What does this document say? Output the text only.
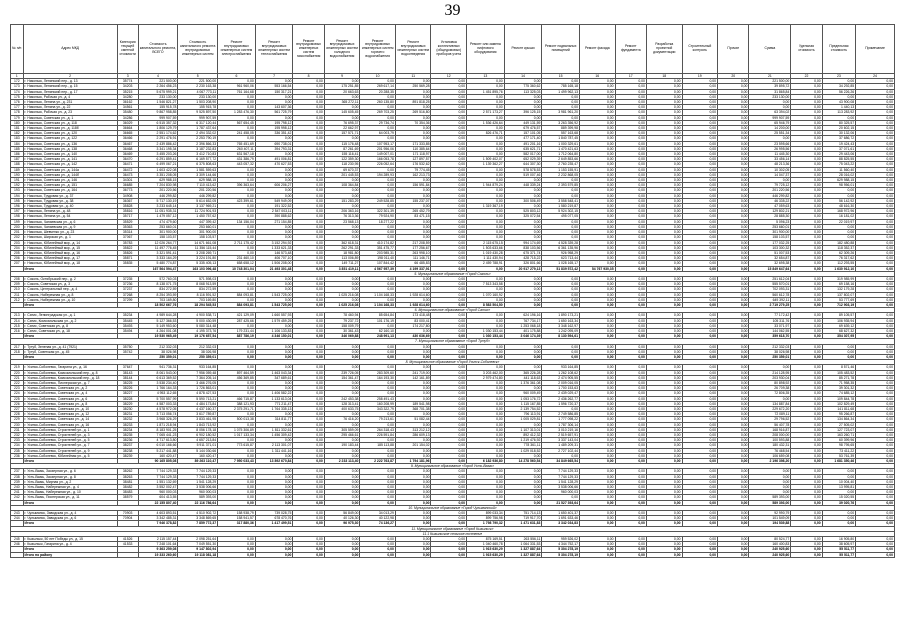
39
№ п/п	Адрес МКД	Категория текущей сметной стоимости	Стоимость капитального ремонта, ВСЕГО	Стоимость капитального ремонта внутридомовых инженерных систем	Ремонт внутридомовых инженерных систем электроснабжения	Ремонт внутридомовых инженерных систем теплоснабжения	Ремонт внутридомовых инженерных систем газоснабжения	Ремонт внутридомовых инженерных систем холодного водоснабжения	Ремонт внутридомовых инженерных систем горячего водоснабжения	Ремонт внутридомовых инженерных систем водоотведения	Установка коллективных (общедомовых) приборов учета	Ремонт или замена лифтового оборудования	Ремонт крыши	Ремонт подвальных помещений	Ремонт фасада	Ремонт фундамента	Разработка проектной документации	Строительный контроль	Прочие	Сумма	Удельная стоимость	Предельная стоимость	Примечание
1	2	3	4	5	6	7	8	9	10	11	12	13	14	15	16	17	18	19	20	21	22	23	24
172	г. Никольск, Ленинский пер., д. 13	35774	221 500,00	221 500,00	0,00	0,00	0,00	0,00	0,00	0,00	0,00	0,00	0,00	0,00	0,00	0,00	0,00	0,00	0,00	221 500,00	0,00	0,00	0,00
173	г. Никольск, Ленинский пер., д. 15	34203	2 264 456,23	2 230 163,38	961 960,06	553 166,54	0,00	175 251,85	269 617,14	250 569,28	0,00	0,00	775 360,62	785 165,18	0,00	0,00	0,00	0,00	0,00	39 895,72	0,00	34 292,85	0,00
174	г. Никольск, Ленинский пер., д. 17	35215	5 675 999,21	4 067 773,11	761 164,68	150 317,21	0,00	20 663,63	20 288,35	0,00	0,00	1 451 895,76	113 325,03	1 499 962,13	0,00	0,00	0,00	0,00	0,00	31 865,84	0,00	56 226,26	0,00
175	г. Никольск, Рабочая ул., д. 4	34280	233 130,00	233 130,00	0,00	0,00	0,00	0,00	0,00	0,00	0,00	0,00	0,00	0,00	0,00	0,00	0,00	0,00	0,00	233 130,00	0,00	0,00	0,00
176	г. Никольск, Ленина ул., д. 231	36162	1 546 821,27	1 503 208,90	0,00	0,00	0,00	365 272,11	260 135,80	891 818,25	0,00	0,00	0,00	0,00	0,00	0,00	0,00	0,00	0,00	0,00	0,00	43 900,08	0,00
177	г. Никольск, Ленина ул., д. 22	34561	155 915,78	155 915,78	0,00	143 607,36	0,00	0,00	0,00	0,00	0,00	0,00	0,00	0,00	0,00	0,00	0,00	0,00	0,00	0,00	0,00	1 440,13	0,00
178	г. Никольск, Рабочая ул., д. 23	35480	9 867 958,85	9 525 897,50	1 283 476,30	561 725,79	0,00	145 605,45	269 703,25	269 516,80	0,00	2 571 173,27	396 125,15	3 981 961,20	0,00	0,00	0,00	0,00	0,00	63 394,02	0,00	113 283,92	0,00
179	г. Никольск, Советская ул., д. 1	34286	999 907,59	999 907,59	0,00	0,00	0,00	0,00	0,00	0,00	0,00	0,00	0,00	0,00	0,00	0,00	0,00	0,00	0,00	999 907,59	0,00	0,00	0,00
180	г. Никольск, Советская ул., д. 118	36029	6 515 357,32	6 317 120,44	567 654,45	195 798,12	0,00	76 695,37	29 736,74	70 354,36	0,00	1 536 426,64	449 131,59	3 263 356,92	0,00	0,00	0,00	0,00	0,00	65 946,79	0,00	80 325,57	0,00
181	г. Никольск, Советская ул., д. 118б	36664	1 806 129,79	1 787 437,64	0,00	195 998,12	0,00	22 662,97	0,00	0,00	0,00	0,00	679 476,57	889 399,98	0,00	0,00	0,00	0,00	0,00	14 200,00	0,00	20 602,15	0,00
182	г. Никольск, Советская ул., д. 120	36665	2 551 174,62	2 494 332,02	241 458,05	336 351,42	0,00	157 571,71	64 003,79	0,00	0,00	826 476,71	157 101,05	557 163,68	0,00	0,00	0,00	0,00	0,00	25 551,34	0,00	30 132,06	0,00
183	г. Никольск, Советская ул., д. 122	36466	2 291 476,91	2 253 790,19	0,00	0,00	0,00	0,00	0,00	0,00	0,00	0,00	477 171,40	1 840 787,45	0,00	0,00	0,00	0,00	0,00	0,00	0,00	37 686,72	0,00
184	г. Никольск, Советская ул., д. 136	36467	2 439 886,42	2 396 866,33	765 451,69	690 738,01	0,00	115 176,48	107 953,17	171 333,85	0,00	0,00	491 201,16	1 000 329,61	0,00	0,00	0,00	0,00	0,00	23 595,66	0,00	19 424,43	0,00
185	г. Никольск, Советская ул., д. 138	36468	3 341 195,34	3 187 232,83	260 407,11	394 793,31	0,00	87 261,69	201 956,06	110 385,64	0,00	0,00	635 621,71	1 470 421,63	0,00	0,00	0,00	0,00	0,00	26 995,56	0,00	37 071,61	0,00
186	г. Никольск, Советская ул., д. 140	36469	3 455 203,26	3 412 710,83	631 567,18	0,00	0,00	155 116,41	149 007,01	171 118,97	0,00	0,00	582 017,00	1 712 064,80	0,00	0,00	0,00	0,00	0,00	11 445,30	0,00	29 443,06	0,00
187	г. Никольск, Советская ул., д. 141	36470	6 291 859,41	6 169 577,72	431 386,79	491 006,81	0,00	122 359,30	166 053,78	127 897,57	0,00	1 509 402,07	652 029,39	2 649 853,66	0,00	0,00	0,00	0,00	0,00	33 456,14	0,00	88 825,55	0,00
188	г. Никольск, Советская ул., д. 142	36471	6 499 067,21	6 375 808,63	443 057,32	470 627,53	0,00	118 230,95	226 052,64	176 532,62	0,00	1 139 362,27	644 307,30	2 760 235,47	0,00	0,00	0,00	0,00	0,00	48 213,36	0,00	75 043,22	0,00
189	г. Никольск, Советская ул., д. 144а	36472	1 603 422,08	1 581 559,63	0,00	0,00	0,00	69 670,37	0,00	79 774,45	0,00	0,00	578 578,53	1 153 155,91	0,00	0,00	0,00	0,00	0,00	10 302,05	0,00	11 560,40	0,00
190	г. Никольск, Советская ул., д. 144б	36473	3 351 208,05	3 309 144,66	0,00	0,00	0,00	201 445,53	194 289,93	162 213,73	0,00	0,00	519 007,46	2 232 868,05	0,00	0,00	0,00	0,00	0,00	14 047,37	0,00	28 016,02	0,00
191	г. Никольск, Советская ул., д. 146	34301	629 988,15	629 988,15	0,00	0,00	0,00	0,00	0,00	0,00	0,00	0,00	0,00	0,00	0,00	0,00	0,00	0,00	0,00	0,00	0,00	629 988,15	0,00
192	г. Никольск, Советская ул., д. 151	36685	7 204 830,98	7 110 413,62	396 363,64	606 206,27	0,00	108 364,84	0,00	156 591,84	0,00	1 944 879,24	448 339,24	2 393 579,85	0,00	0,00	0,00	0,00	0,00	79 725,12	0,00	98 956,01	0,00
193	г. Никольск, Советская ул., д. 164	36773	201 220,56	201 220,56	0,00	0,00	0,00	0,00	0,00	0,00	0,00	0,00	0,00	0,00	0,00	0,00	0,00	0,00	0,00	201 220,56	0,00	0,00	0,00
194	г. Никольск, Трудовая ул., д. 37	34908	446 299,82	446 299,82	0,00	0,00	0,00	0,00	0,00	0,00	0,00	0,00	0,00	0,00	0,00	0,00	0,00	0,00	0,00	446 299,82	0,00	0,00	0,00
195	г. Никольск, Трудовая ул., д. 38	36367	5 717 130,19	5 614 652,05	423 399,61	549 949,09	0,00	151 283,29	249 528,85	155 237,07	0,00	0,00	300 506,49	3 558 548,41	0,00	0,00	0,00	0,00	0,00	46 335,22	0,00	56 142,92	0,00
196	г. Никольск, Трудовая ул., д. 40	35828	3 233 645,14	3 137 969,21	0,00	191 322,52	0,00	0,00	0,00	0,00	0,00	1 319 367,19	0,00	1 580 219,87	0,00	0,00	0,00	0,00	0,00	47 059,63	0,00	48 616,30	0,00
197	г. Никольск, Ленина ул., д. 48	35816	11 051 935,31	11 724 901,93	0,00	2 547 003,11	0,00	206 363,16	322 301,39	265 452,79	0,00	0,00	525 803,12	5 924 302,15	0,00	0,00	0,00	0,00	0,00	129 802,21	0,00	168 972,96	0,00
198	г. Никольск, Ленина ул., д. 54	35717	1 479 057,12	1 450 757,62	0,00	390 888,62	0,00	76 313,36	79 924,90	83 471,15	0,00	0,00	325 072,54	495 077,05	0,00	0,00	0,00	0,00	0,00	28 885,30	0,00	16 181,02	0,00
199	г. Никольск, Чапаевская ул., д. 6	35529	474 479,60	447 399,42	134 156,04	271 154,85	0,00	23 568,13	18 277,22	0,00	0,00	0,00	0,00	0,00	0,00	0,00	0,00	0,00	0,00	5 096,23	0,00	22 019,97	0,00
200	г. Никольск, Чапаевская ул., д. 9	35363	253 660,01	253 660,01	0,00	0,00	0,00	0,00	0,00	0,00	0,00	0,00	0,00	0,00	0,00	0,00	0,00	0,00	0,00	253 660,01	0,00	0,00	0,00
201	г. Никольск, Шевченко ул., д. 23	35314	301 900,00	301 900,00	0,00	0,00	0,00	0,00	0,00	0,00	0,00	0,00	0,00	0,00	0,00	0,00	0,00	0,00	0,00	301 900,00	0,00	0,00	0,00
202	г. Никольск, Широкая ул., д. 1	37067	158 103,57	158 103,57	0,00	0,00	0,00	0,00	0,00	0,00	0,00	0,00	0,00	0,00	0,00	0,00	0,00	0,00	0,00	158 103,57	0,00	0,00	0,00
203	г. Никольск, Юбилейный мкр., д. 14	35783	12 026 264,77	14 671 661,08	2 711 175,42	3 152 294,92	0,00	362 618,31	410 174,82	217 208,59	0,00	2 115 675,15	994 174,69	4 528 339,28	0,00	0,00	0,00	0,00	0,00	177 032,25	0,00	182 480,88	0,00
204	г. Никольск, Юбилейный мкр., д. 15	35822	11 497 776,45	11 356 115,44	0,00	1 333 621,33	0,00	262 291,33	351 475,77	177 256,67	0,00	1 503 633,66	838 103,56	6 361 135,96	0,00	0,00	0,00	0,00	0,00	103 300,32	0,00	118 352,37	0,00
205	г. Никольск, Юбилейный мкр., д. 16	35826	3 321 591,41	3 208 269,71	0,00	146 573,48	0,00	18 981,80	203 985,31	263 998,10	0,00	1 019 430,28	675 371,74	926 958,29	0,00	0,00	0,00	0,00	0,00	51 007,53	0,00	62 309,26	0,00
206	г. Никольск, Юбилейный мкр., д. 17	35871	3 333 164,29	3 224 191,80	231 460,10	406 707,10	0,00	113 006,89	198 011,40	111 146,71	0,00	1 111 430,94	428 715,22	623 713,44	0,00	0,00	0,00	0,00	0,00	32 654,87	0,00	76 317,62	0,00
207	г. Никольск, Юбилейный мкр., д. 18	35835	5 480 774,87	5 335 405,13	658 658,12	1 506 208,00	0,00	149 711,27	107 844,42	66 485,83	0,00	2 459 788,91	326 801,66	1 028 165,17	0,00	0,00	0,00	0,00	0,00	32 695,38	0,00	112 293,55	0,00
	Итого		167 564 594,47	163 103 096,48	10 748 301,04	21 493 301,48	0,00	3 851 419,11	4 567 957,39	4 199 337,91	0,00	0,00	20 917 279,13	51 839 572,42	54 767 930,35	0,00	0,00	0,00	0,00	15 849 647,64	0,00	1 630 912,10	0,00
5. Муниципальное образование «Город Соколь»																							
208	г. Соколь, Октябрьский пер., д. 2	37235	572 760,03	571 598,03	0,00	0,00	0,00	0,00	0,00	0,00	0,00	0,00	0,00	0,00	0,00	0,00	0,00	0,00	0,00	251 612,04	0,00	319 985,99	0,00
209	г. Соколь, Советская ул., д. 3	37236	8 138 071,75	8 068 913,59	0,00	0,00	0,00	0,00	0,00	0,00	0,00	7 513 343,58	0,00	0,00	0,00	0,00	0,00	0,00	0,00	555 570,01	0,00	69 158,16	0,00
210	г. Соколь, Центральный пер., д. 4	37237	834 272,59	834 272,59	0,00	0,00	0,00	0,00	0,00	0,00	0,00	0,00	0,00	0,00	0,00	0,00	0,00	0,00	0,00	702 093,31	0,00	132 179,28	0,00
211	г. Соколь, Набережная ул., д. 8	37268	8 254 393,59	8 116 591,52	884 093,81	1 543 725,00	0,00	1 025 216,08	1 104 168,33	1 928 614,60	0,00	1 070 160,92	0,00	0,00	0,00	0,00	0,00	0,00	0,00	560 612,78	0,00	137 802,07	0,00
212	г. Соколь, Набережная ул., д. 10	37299	703 169,80	703 169,80	0,00	0,00	0,00	0,00	0,00	0,00	0,00	0,00	0,00	0,00	0,00	0,00	0,00	0,00	0,00	649 392,11	0,00	53 777,69	0,00
	Итого		18 502 667,76	18 294 545,53	884 093,81	1 543 725,00	0,00	1 025 216,08	1 104 168,33	1 928 614,60	0,00	8 583 504,50	0,00	0,00	0,00	0,00	0,00	0,00	0,00	2 719 279,25	0,00	712 903,19	0,00
6. Муниципальное образование «Город Сатис»																							
213	г. Сатис, Ленинградская ул., д. 1	35234	4 989 644,28	4 900 538,71	421 129,09	1 660 557,93	0,00	78 460,94	85 654,84	173 418,48	0,00	0,00	624 196,16	1 890 173,21	0,00	0,00	0,00	0,00	0,00	77 172,42	0,00	89 105,57	0,00
214	г. Сатис, Комсомольская ул., д. 2	35445	5 127 366,53	5 000 430,59	287 425,66	1 579 459,25	0,00	79 237,72	101 176,19	83 000,41	0,00	0,00	767 734,17	1 650 163,34	0,00	0,00	0,00	0,00	0,00	105 311,76	0,00	106 935,94	0,00
215	г. Сатис, Советская ул., д. 8	35493	5 149 953,60	5 080 314,48	0,00	0,00	0,00	158 009,79	0,00	174 217,80	0,00	0,00	1 253 068,18	3 348 162,97	0,00	0,00	0,00	0,00	0,00	33 071,97	0,00	69 639,12	0,00
216	г. Сатис, Советская ул., д. 18	35494	4 264 001,08	4 195 373,76	179 231,44	1 106 133,83	0,00	30 361,43	62 160,10	0,00	0,00	1 030 153,44	401 175,88	1 242 095,09	0,00	0,00	0,00	0,00	0,00	144 062,55	0,00	68 627,32	0,00
	Итого		19 530 965,49	19 176 657,54	887 786,19	4 346 150,01	0,00	346 069,88	248 991,13	430 636,69	0,00	1 030 153,44	3 046 174,39	8 130 594,61	0,00	0,00	0,00	0,00	0,00	359 618,70	0,00	354 307,95	0,00
7. Муниципальное образование «Город Тутуб»																							
217	г. Тутуб, Зеленая ул., д. 41 (7921)	35750	212 332,03	212 332,03	0,00	0,00	0,00	0,00	0,00	0,00	0,00	0,00	0,00	0,00	0,00	0,00	0,00	0,00	0,00	212 332,03	0,00	0,00	0,00
218	г. Тутуб, Советская ул., д. 45	35742	38 026,98	38 026,98	0,00	0,00	0,00	0,00	0,00	0,00	0,00	0,00	0,00	0,00	0,00	0,00	0,00	0,00	0,00	38 026,98	0,00	0,00	0,00
	Итого		250 359,01	250 359,01	0,00	0,00	0,00	0,00	0,00	0,00	0,00	0,00	0,00	0,00	0,00	0,00	0,00	0,00	0,00	250 359,01	0,00	0,00	0,00
8. Муниципальное образование «Город Усинск-Соболевск»																							
219	г. Усинск-Соболевск, Гагарина ул., д. 16	37647	941 736,31	933 164,85	0,00	0,00	0,00	0,00	0,00	0,00	0,00	0,00	0,00	933 164,85	0,00	0,00	0,00	0,00	0,00	0,00	0,00	8 571,46	0,00
220	г. Усинск-Соболевск, Комсомольский пер., д. 8	38143	8 061 543,00	7 956 059,48	897 464,59	1 463 043,34	0,00	239 726,05	283 309,60	241 719,00	0,00	3 203 462,00	365 226,28	1 262 108,62	0,00	0,00	0,00	0,00	0,00	214 128,95	0,00	105 483,52	0,00
221	г. Усинск-Соболевск, Комсомольский пер., д. 18	38144	6 613 369,52	7 364 205,14	456 369,85	347 689,61	0,00	154 361,47	164 193,30	142 161,89	0,00	2 979 474,80	441 118,63	2 474 905,55	0,00	0,00	0,00	0,00	0,00	203 930,04	0,00	85 271,78	0,00
222	г. Усинск-Соболевск, Пионерская ул., д. 7	38225	3 538 234,40	3 466 276,05	0,00	0,00	0,00	0,00	0,00	0,00	0,00	0,00	1 376 361,08	2 009 016,05	0,00	0,00	0,00	0,00	0,00	80 898,92	0,00	71 958,35	0,00
223	г. Усинск-Соболевск, Советская ул., д. 2	38226	1 766 164,33	1 726 863,01	0,00	0,00	0,00	0,00	0,00	0,00	0,00	0,00	0,00	1 700 153,63	0,00	0,00	0,00	0,00	0,00	26 709,38	0,00	39 301,32	0,00
224	г. Усинск-Соболевск, Советская ул., д. 4	38227	4 953 112,65	4 878 427,53	0,00	1 406 582,22	0,00	0,00	0,00	0,00	0,00	0,00	960 009,49	2 439 029,47	0,00	0,00	0,00	0,00	0,00	72 806,35	0,00	74 685,12	0,00
225	г. Усинск-Соболевск, Советская ул., д. 6	38228	5 700 557,99	5 590 713,21	466 715,87	1 133 613,04	0,00	242 453,38	258 491,43	0,00	0,00	0,00	1 053 176,72	2 436 262,77	0,00	0,00	0,00	0,00	0,00	0,00	0,00	109 844,78	0,00
226	г. Усинск-Соболевск, Советская ул., д. 8	38229	4 587 003,33	4 484 173,84	388 121,93	771 211,47	0,00	128 313,41	160 208,99	189 541,98	0,00	0,00	1 115 167,85	1 596 720,37	0,00	0,00	0,00	0,00	0,00	134 887,84	0,00	102 829,49	0,00
227	г. Усинск-Соболевск, Советская ул., д. 10	38230	4 578 972,05	4 437 160,37	2 375 291,71	1 764 335,13	0,00	400 633,75	343 322,79	368 701,38	0,00	0,00	2 139 754,52	0,00	0,00	0,00	0,00	0,00	0,00	229 672,20	0,00	141 811,68	0,00
228	г. Усинск-Соболевск, Советская ул., д. 12	38231	3 713 056,74	3 617 789,87	0,00	0,00	0,00	0,00	0,00	0,00	0,00	0,00	796 113,91	2 749 586,85	0,00	0,00	0,00	0,00	0,00	72 089,11	0,00	95 266,87	0,00
229	г. Усинск-Соболевск, Советская ул., д. 14	38232	3 968 326,29	3 833 461,95	500 013,38	314 811,77	0,00	76 416,20	79 213,61	51 082,44	0,00	0,00	1 005 029,81	1 777 098,22	0,00	0,00	0,00	0,00	0,00	29 796,52	0,00	134 864,34	0,00
230	г. Усинск-Соболевск, Советская ул., д. 16	38233	1 871 218,94	1 843 713,92	0,00	0,00	0,00	0,00	0,00	0,00	0,00	0,00	0,00	1 787 306,14	0,00	0,00	0,00	0,00	0,00	56 407,78	0,00	27 505,02	0,00
231	г. Усинск-Соболевск, Строителей ул., д. 1	38234	8 183 901,25	8 056 178,18	1 075 306,89	1 811 332,61	0,00	305 559,09	264 318,43	313 212,12	0,00	0,00	1 107 313,01	3 010 219,16	0,00	0,00	0,00	0,00	0,00	168 916,87	0,00	127 723,07	0,00
232	г. Усинск-Соболевск, Строителей ул., д. 3	38235	7 065 441,23	6 902 180,52	1 017 133,34	1 456 309,42	0,00	295 466,61	226 591,84	286 609,13	0,00	0,00	892 412,32	2 519 657,91	0,00	0,00	0,00	0,00	0,00	208 000,00	0,00	163 260,71	0,00
233	г. Усинск-Соболевск, Строителей ул., д. 5	38236	4 717 613,80	4 657 213,84	0,00	0,00	0,00	0,00	0,00	0,00	0,00	0,00	1 219 476,92	3 337 143,04	0,00	0,00	0,00	0,00	0,00	100 593,88	0,00	60 399,96	0,00
234	г. Усинск-Соболевск, Строителей ул., д. 7	38237	6 010 166,66	5 911 371,01	773 615,87	2 113 301,07	0,00	190 183,44	185 113,88	201 154,02	0,00	0,00	778 361,11	1 489 209,31	0,00	0,00	0,00	0,00	0,00	180 432,31	0,00	98 795,65	0,00
235	г. Усинск-Соболевск, Строителей ул., д. 9	38238	5 217 441,88	5 144 030,66	0,00	1 311 441,16	0,00	0,00	0,00	0,00	0,00	0,00	1 029 018,52	2 727 102,44	0,00	0,00	0,00	0,00	0,00	76 468,54	0,00	73 411,22	0,00
236	г. Усинск-Соболевск, Юбилейная ул., д. 5	38239	160 420,47	160 420,47	0,00	0,00	0,00	0,00	0,00	0,00	0,00	0,00	0,00	0,00	0,00	0,00	0,00	0,00	0,00	106 659,08	0,00	53 761,39	0,00
	Итого		90 165 805,08	89 263 110,47	7 950 033,43	13 892 670,84	0,00	2 233 113,40	2 222 763,87	1 794 181,96	0,00	6 182 936,80	14 278 560,54	34 849 665,54	0,00	0,00	0,00	0,00	0,00	2 196 398,20	0,00	1 681 350,46	0,00
9. Муниципальное образование «Город Усть-Вымь»																							
237	г. Усть-Вымь, Заозерная ул., д. 6	38262	7 744 129,33	7 744 129,33	0,00	0,00	0,00	0,00	0,00	0,00	0,00	0,00	0,00	7 744 129,33	0,00	0,00	0,00	0,00	0,00	0,00	0,00	0,00	0,00
238	г. Усть-Вымь, Заозерная ул., д. 8	38263	7 744 129,33	7 744 129,33	0,00	0,00	0,00	0,00	0,00	0,00	0,00	0,00	0,00	7 744 129,33	0,00	0,00	0,00	0,00	0,00	0,00	0,00	0,00	0,00
239	г. Усть-Вымь, Мирная ул., д. 2	38481	1 551 132,69	1 541 128,29	0,00	0,00	0,00	0,00	0,00	0,00	0,00	0,00	0,00	1 541 128,29	0,00	0,00	0,00	0,00	0,00	0,00	0,00	10 004,40	0,00
240	г. Усть-Вымь, Набережная ул., д. 4	38482	3 552 002,47	3 538 006,66	0,00	0,00	0,00	0,00	0,00	0,00	0,00	0,00	0,00	3 538 006,66	0,00	0,00	0,00	0,00	0,00	0,00	0,00	13 995,81	0,00
241	г. Усть-Вымь, Набережная ул., д. 10	38483	960 000,03	960 000,03	0,00	0,00	0,00	0,00	0,00	0,00	0,00	0,00	0,00	960 000,03	0,00	0,00	0,00	0,00	0,00	0,00	0,00	0,00	0,00
242	г. Усть-Вымь, Пионерская ул., д. 11	38579	604 413,55	589 393,00	0,00	0,00	0,00	0,00	0,00	0,00	0,00	0,00	0,00	0,00	0,00	0,00	0,00	0,00	0,00	589 393,00	0,00	15 020,55	0,00
	Итого		22 155 807,40	22 116 786,64	0,00	0,00	0,00	0,00	0,00	0,00	0,00	0,00	0,00	21 527 393,64	0,00	0,00	0,00	0,00	0,00	589 393,00	0,00	39 020,76	0,00
10. Муниципальное образование «Город Чулыманский»																							
243	г. Чулыманск, Заводская ул., д. 4	70903	4 603 893,51	4 510 902,72	158 938,79	739 028,75	0,00	56 849,00	34 013,29	0,00	0,00	899 033,34	751 714,13	1 650 401,37	0,00	0,00	0,00	0,00	0,00	92 990,79	0,00	0,00	0,00
244	г. Чулыманск, Заводская ул., д. 6	70904	3 342 485,31	3 348 869,65	158 941,57	678 470,76	0,00	40 126,30	40 122,98	0,00	0,00	899 756,98	719 917,70	1 691 633,46	0,00	0,00	0,00	0,00	0,00	101 549,09	0,00	0,00	0,00
	Итого		7 946 378,82	7 859 772,37	317 880,36	1 417 499,51	0,00	96 975,30	74 136,27	0,00	0,00	1 798 790,32	1 471 631,83	3 342 034,83	0,00	0,00	0,00	0,00	0,00	194 539,88	0,00	0,00	0,00
11. Муниципальное образование «Город Кызыльск»																							
11.1 Кызыльское сельское поселение																							
245	г. Кызыльск, 50 лет Победы ул., д. 15	41526	2 115 157,44	2 098 251,64	0,00	0,00	0,00	0,00	0,00	0,00	0,00	875 169,51	263 556,11	959 526,02	0,00	0,00	0,00	0,00	0,00	80 524,77	0,00	16 905,80	0,00
246	г. Кызыльск, Гагарина ул., д. 4	41533	7 248 101,64	7 049 551,30	0,00	0,00	0,00	0,00	0,00	0,00	0,00	1 040 460,78	1 064 331,53	4 344 752,17	0,00	0,00	0,00	0,00	0,00	160 400,83	0,00	38 605,97	0,00
	Итого		9 363 259,08	9 147 802,94	0,00	0,00	0,00	0,00	0,00	0,00	0,00	1 915 630,29	1 327 887,64	5 304 278,19	0,00	0,00	0,00	0,00	0,00	240 925,60	0,00	55 511,77	0,00
	Итого по району		19 333 260,60	19 118 081,18	0,00	0,00	0,00	0,00	0,00	0,00	0,00	1 915 630,29	1 327 887,64	5 304 278,19	0,00	0,00	0,00	0,00	0,00	240 925,60	0,00	55 511,77	0,00
